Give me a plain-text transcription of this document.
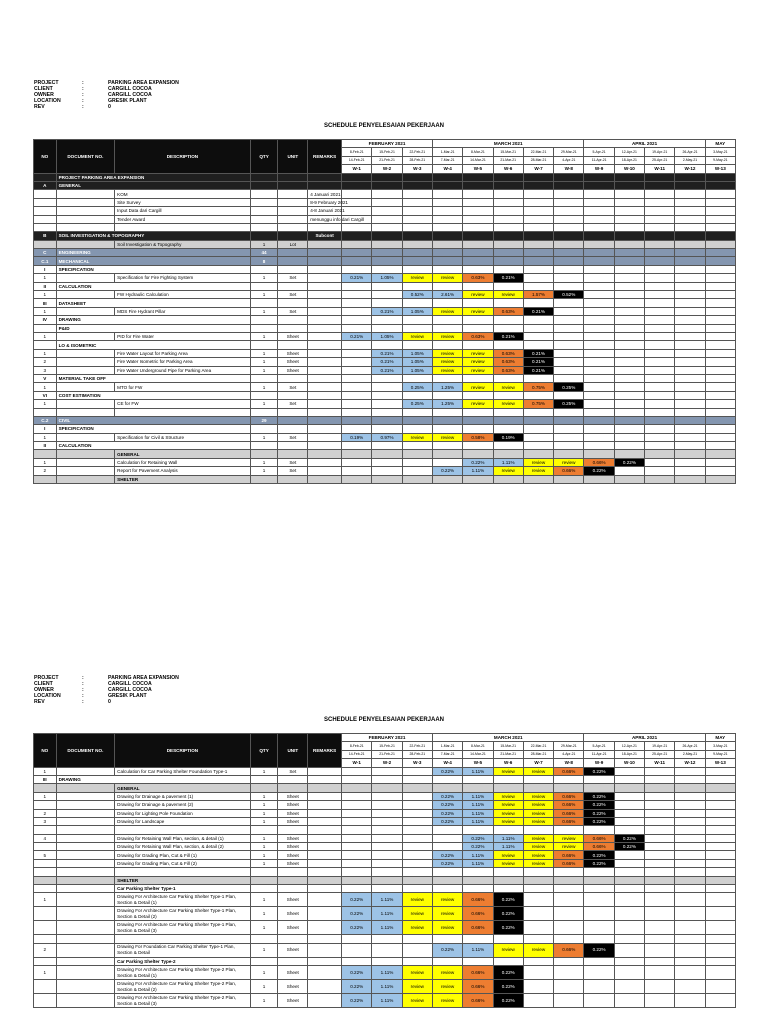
PROJECT	:	PARKING AREA EXPANSION
CLIENT	:	CARGILL COCOA
OWNER	:	CARGILL COCOA
LOCATION	:	GRESIK PLANT
REV	:	0
SCHEDULE PENYELESAIAN PEKERJAAN
NO	DOCUMENT NO.	DESCRIPTION	QTY	UNIT	REMARKS	FEBRUARY 2021			MARCH 2021					APRIL 2021				MAY
						8-Feb-21	15-Feb-21	22-Feb-21	1-Mar-21	8-Mar-21	15-Mar-21	22-Mar-21	29-Mar-21	5-Apr-21	12-Apr-21	19-Apr-21	26-Apr-21	3-May-21
						14-Feb-21	21-Feb-21	28-Feb-21	7-Mar-21	14-Mar-21	21-Mar-21	28-Mar-21	4-Apr-21	11-Apr-21	18-Apr-21	25-Apr-21	2-May-21	9-May-21
						W-1	W-2	W-3	W-4	W-5	W-6	W-7	W-8	W-9	W-10	W-11	W-12	W-13
	PROJECT PARKING AREA EXPANSION																	
A	GENERAL																	
		KOM			4 Januari 2021													
		Site Survey			8-9 February 2021													
		Input Data dari Cargill			4-8 Januari 2021													
		Tender Award			menunggu info dari Cargill													

B	SOIL INVESTIGATION & TOPOGRAPHY				Subcont													
		Soil Investigation & Topography	1	Lot														
C	ENGINEERING		44															
C.1	MECHANICAL		8															
I	SPECIFICATION																	
1		Specification for Fire Fighting System	1	Set		0.21%	1.05%	review	review	0.63%	0.21%							
II	CALCULATION																	
1		FW Hydraulic Calculation	1	Set				0.52%	2.61%	review	review	1.57%	0.52%					
III	DATASHEET																	
1		MDS Fire Hydrant Pillar	1	Set			0.21%	1.05%	review	review	0.63%	0.21%						
IV	DRAWING																	
	P&ID																	
1		PID for Fire Water	1	Sheet		0.21%	1.05%	review	review	0.63%	0.21%							
	LO & ISOMETRIC																	
1		Fire Water Layout for Parking Area	1	Sheet			0.21%	1.05%	review	review	0.63%	0.21%						
2		Fire Water Isometric for Parking Area	1	Sheet			0.21%	1.05%	review	review	0.63%	0.21%						
3		Fire Water Underground Pipe for Parking Area	1	Sheet			0.21%	1.05%	review	review	0.63%	0.21%						
V	MATERIAL TAKE OFF																	
1		MTO for FW	1	Set				0.25%	1.25%	review	review	0.75%	0.25%					
VI	COST ESTIMATION																	
1		CE for FW	1	Set				0.25%	1.25%	review	review	0.75%	0.25%					

C.2	CIVIL		29															
I	SPECIFICATION																	
1		Specification for Civil & Structure	1	Set		0.19%	0.97%	review	review	0.58%	0.19%							
II	CALCULATION																	
		GENERAL																
1		Calculation for Retaining Wall	1	Set						0.22%	1.11%	review	review	0.66%	0.22%			
2		Report for Pavement Analysis	1	Set					0.22%	1.11%	review	review	0.66%	0.22%				
		SHELTER																
PROJECT	:	PARKING AREA EXPANSION
CLIENT	:	CARGILL COCOA
OWNER	:	CARGILL COCOA
LOCATION	:	GRESIK PLANT
REV	:	0
SCHEDULE PENYELESAIAN PEKERJAAN
NO	DOCUMENT NO.	DESCRIPTION	QTY	UNIT	REMARKS	FEBRUARY 2021			MARCH 2021					APRIL 2021				MAY
						8-Feb-21	15-Feb-21	22-Feb-21	1-Mar-21	8-Mar-21	15-Mar-21	22-Mar-21	29-Mar-21	5-Apr-21	12-Apr-21	19-Apr-21	26-Apr-21	3-May-21
						14-Feb-21	21-Feb-21	28-Feb-21	7-Mar-21	14-Mar-21	21-Mar-21	28-Mar-21	4-Apr-21	11-Apr-21	18-Apr-21	25-Apr-21	2-May-21	9-May-21
						W-1	W-2	W-3	W-4	W-5	W-6	W-7	W-8	W-9	W-10	W-11	W-12	W-13
1		Calculation for Car Parking Shelter Foundation Type-1	1	Set					0.22%	1.11%	review	review	0.66%	0.22%				
III	DRAWING																	
		GENERAL																
1		Drawing for Drainage & pavement (1)	1	Sheet					0.22%	1.11%	review	review	0.66%	0.22%				
		Drawing for Drainage & pavement (2)	1	Sheet					0.22%	1.11%	review	review	0.66%	0.22%				
2		Drawing for Lighting Pole Foundation	1	Sheet					0.22%	1.11%	review	review	0.66%	0.22%				
3		Drawing for Landscape	1	Sheet					0.22%	1.11%	review	review	0.66%	0.22%				

4		Drawing for Retaining Wall Plan, section, & detail (1)	1	Sheet						0.22%	1.11%	review	review	0.66%	0.22%			
		Drawing for Retaining Wall Plan, section, & detail (2)	1	Sheet						0.22%	1.11%	review	review	0.66%	0.22%			
5		Drawing for Grading Plan, Cut & Fill (1)	1	Sheet					0.22%	1.11%	review	review	0.66%	0.22%				
		Drawing for Grading Plan, Cut & Fill (2)	1	Sheet					0.22%	1.11%	review	review	0.66%	0.22%				

		SHELTER																
		Car Parking Shelter Type-1																
1		Drawing For Architecture Car Parking Shelter Type-1 Plan, Section & Detail (1)	1	Sheet		0.22%	1.11%	review	review	0.66%	0.22%							
		Drawing For Architecture Car Parking Shelter Type-1 Plan, Section & Detail (2)	1	Sheet		0.22%	1.11%	review	review	0.66%	0.22%							
		Drawing For Architecture Car Parking Shelter Type-1 Plan, Section & Detail (3)	1	Sheet		0.22%	1.11%	review	review	0.66%	0.22%							

2		Drawing For Foundation Car Parking Shelter Type-1 Plan, Section & Detail	1	Sheet					0.22%	1.11%	review	review	0.66%	0.22%				
		Car Parking Shelter Type-2																
1		Drawing For Architecture Car Parking Shelter Type-2 Plan, Section & Detail (1)	1	Sheet		0.22%	1.11%	review	review	0.66%	0.22%							
		Drawing For Architecture Car Parking Shelter Type-2 Plan, Section & Detail (2)	1	Sheet		0.22%	1.11%	review	review	0.66%	0.22%							
		Drawing For Architecture Car Parking Shelter Type-2 Plan, Section & Detail (3)	1	Sheet		0.22%	1.11%	review	review	0.66%	0.22%							
